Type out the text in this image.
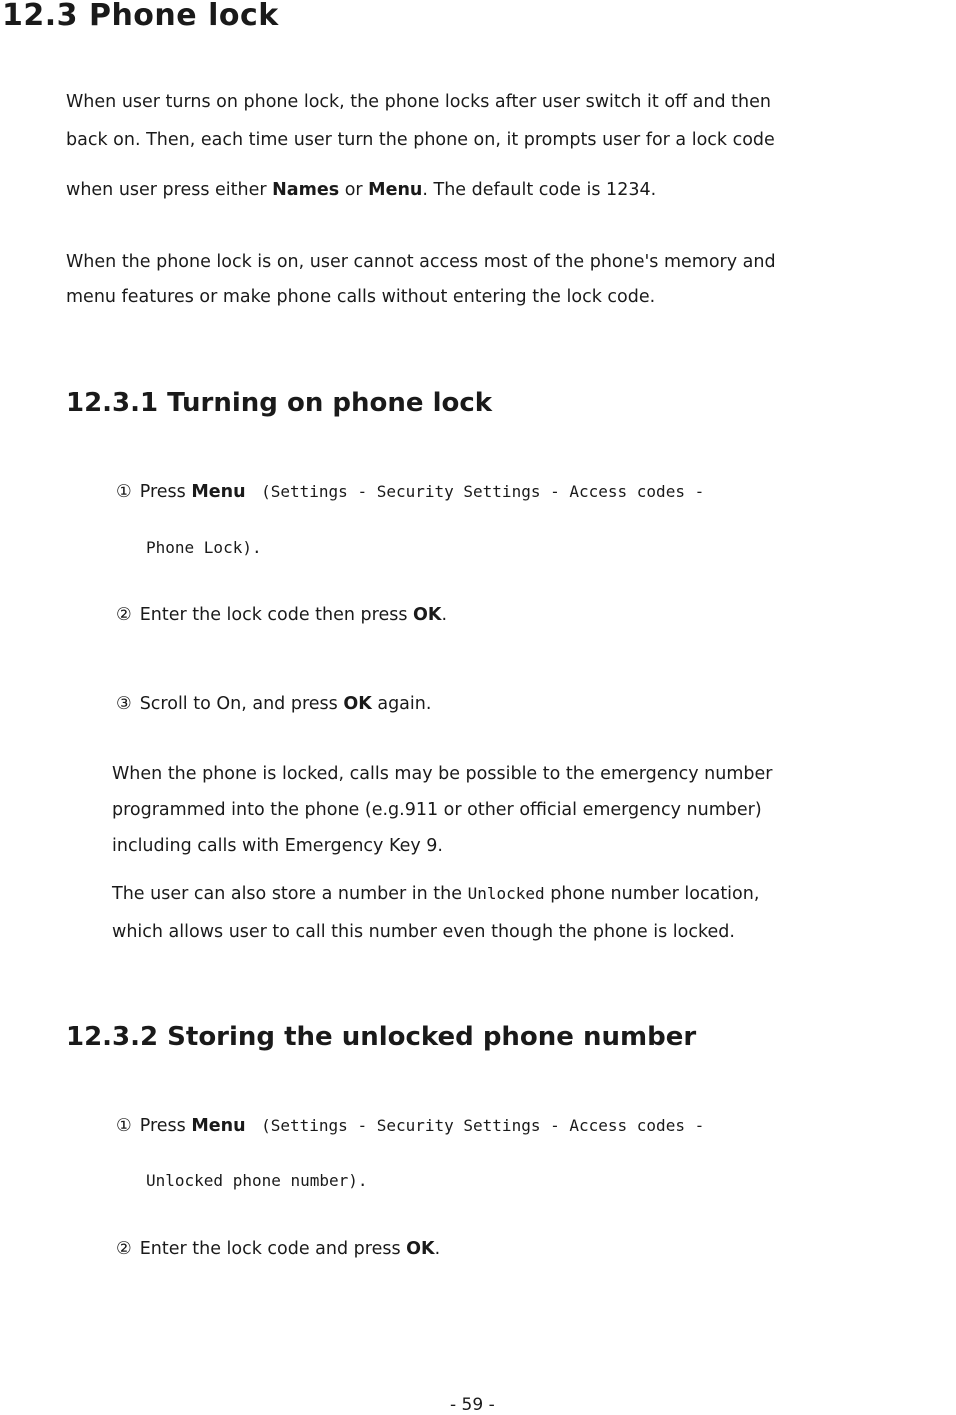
12.3 Phone lock
When user turns on phone lock, the phone locks after user switch it off and then
back on. Then, each time user turn the phone on, it prompts user for a lock code
when user press either Names or Menu. The default code is 1234.
When the phone lock is on, user cannot access most of the phone's memory and
menu features or make phone calls without entering the lock code.
12.3.1 Turning on phone lock
① Press Menu (Settings - Security Settings - Access codes -
Phone Lock).
② Enter the lock code then press OK.
③ Scroll to On, and press OK again.
When the phone is locked, calls may be possible to the emergency number
programmed into the phone (e.g.911 or other official emergency number)
including calls with Emergency Key 9.
The user can also store a number in the Unlocked phone number location,
which allows user to call this number even though the phone is locked.
12.3.2 Storing the unlocked phone number
① Press Menu (Settings - Security Settings - Access codes -
Unlocked phone number).
② Enter the lock code and press OK.
- 59 -
